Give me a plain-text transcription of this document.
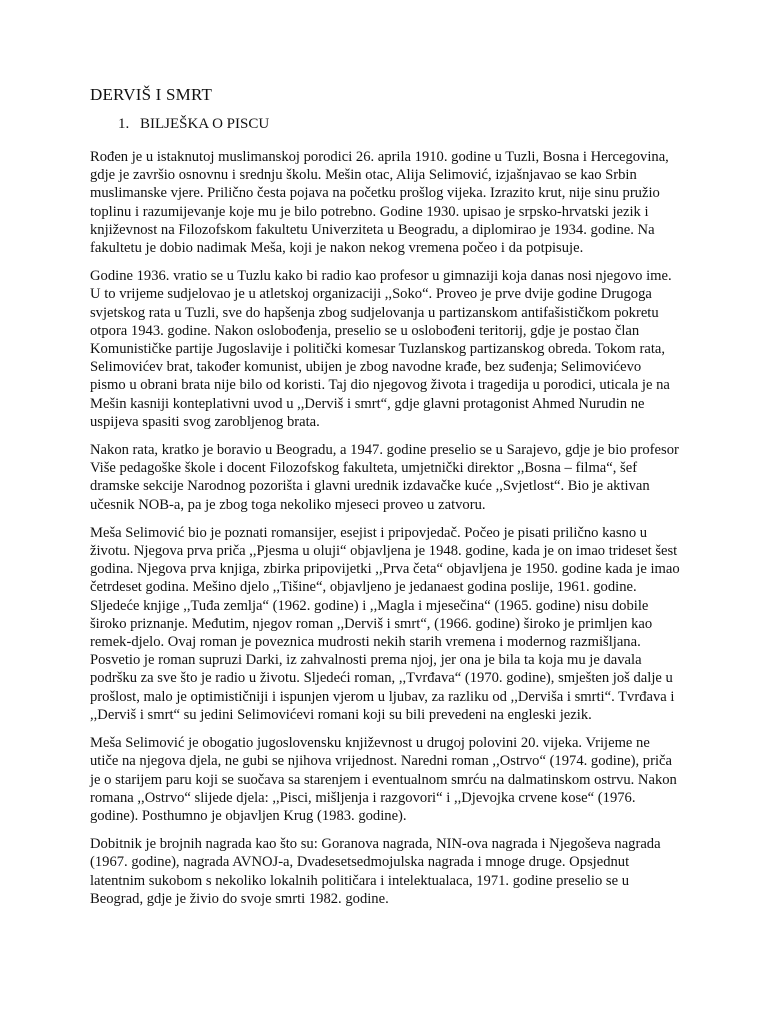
DERVIŠ I SMRT
1. BILJEŠKA O PISCU

Rođen je u istaknutoj muslimanskoj porodici 26. aprila 1910. godine u Tuzli, Bosna i Hercegovina, gdje je završio osnovnu i srednju školu. Mešin otac, Alija Selimović, izjašnjavao se kao Srbin muslimanske vjere. Prilično česta pojava na početku prošlog vijeka. Izrazito krut, nije sinu pružio toplinu i razumijevanje koje mu je bilo potrebno. Godine 1930. upisao je srpsko-hrvatski jezik i književnost na Filozofskom fakultetu Univerziteta u Beogradu, a diplomirao je 1934. godine. Na fakultetu je dobio nadimak Meša, koji je nakon nekog vremena počeo i da potpisuje.

Godine 1936. vratio se u Tuzlu kako bi radio kao profesor u gimnaziji koja danas nosi njegovo ime. U to vrijeme sudjelovao je u atletskoj organizaciji ,,Soko“. Proveo je prve dvije godine Drugoga svjetskog rata u Tuzli, sve do hapšenja zbog sudjelovanja u partizanskom antifašističkom pokretu otpora 1943. godine. Nakon oslobođenja, preselio se u oslobođeni teritorij, gdje je postao član Komunističke partije Jugoslavije i politički komesar Tuzlanskog partizanskog obreda. Tokom rata, Selimovićev brat, također komunist, ubijen je zbog navodne krađe, bez suđenja; Selimovićevo pismo u obrani brata nije bilo od koristi. Taj dio njegovog života i tragedija u porodici, uticala je na Mešin kasniji konteplativni uvod u ,,Derviš i smrt“, gdje glavni protagonist Ahmed Nurudin ne uspijeva spasiti svog zarobljenog brata.

Nakon rata, kratko je boravio u Beogradu, a 1947. godine preselio se u Sarajevo, gdje je bio profesor Više pedagoške škole i docent Filozofskog fakulteta, umjetnički direktor ,,Bosna – filma“, šef dramske sekcije Narodnog pozorišta i glavni urednik izdavačke kuće ,,Svjetlost“. Bio je aktivan učesnik NOB-a, pa je zbog toga nekoliko mjeseci proveo u zatvoru.

Meša Selimović bio je poznati romansijer, esejist i pripovjedač. Počeo je pisati prilično kasno u životu. Njegova prva priča ,,Pjesma u oluji“ objavljena je 1948. godine, kada je on imao trideset šest godina. Njegova prva knjiga, zbirka pripovijetki ,,Prva četa“ objavljena je 1950. godine kada je imao četrdeset godina. Mešino djelo ,,Tišine“, objavljeno je jedanaest godina poslije, 1961. godine. Sljedeće knjige ,,Tuđa zemlja“ (1962. godine) i ,,Magla i mjesečina“ (1965. godine) nisu dobile široko priznanje. Međutim, njegov roman ,,Derviš i smrt“, (1966. godine) široko je primljen kao remek-djelo. Ovaj roman je poveznica mudrosti nekih starih vremena i modernog razmišljana. Posvetio je roman supruzi Darki, iz zahvalnosti prema njoj, jer ona je bila ta koja mu je davala podršku za sve što je radio u životu. Sljedeći roman, ,,Tvrđava“ (1970. godine), smješten još dalje u prošlost, malo je optimističniji i ispunjen vjerom u ljubav, za razliku od ,,Derviša i smrti“. Tvrđava i ,,Derviš i smrt“ su jedini Selimovićevi romani koji su bili prevedeni na engleski jezik.

Meša Selimović je obogatio jugoslovensku književnost u drugoj polovini 20. vijeka. Vrijeme ne utiče na njegova djela, ne gubi se njihova vrijednost. Naredni roman ,,Ostrvo“ (1974. godine), priča je o starijem paru koji se suočava sa starenjem i eventualnom smrću na dalmatinskom ostrvu. Nakon romana ,,Ostrvo“ slijede djela: ,,Pisci, mišljenja i razgovori“ i ,,Djevojka crvene kose“ (1976. godine). Posthumno je objavljen Krug (1983. godine).

Dobitnik je brojnih nagrada kao što su: Goranova nagrada, NIN-ova nagrada i Njegoševa nagrada (1967. godine), nagrada AVNOJ-a, Dvadesetsedmojulska nagrada i mnoge druge. Opsjednut latentnim sukobom s nekoliko lokalnih političara i intelektualaca, 1971. godine preselio se u Beograd, gdje je živio do svoje smrti 1982. godine.
